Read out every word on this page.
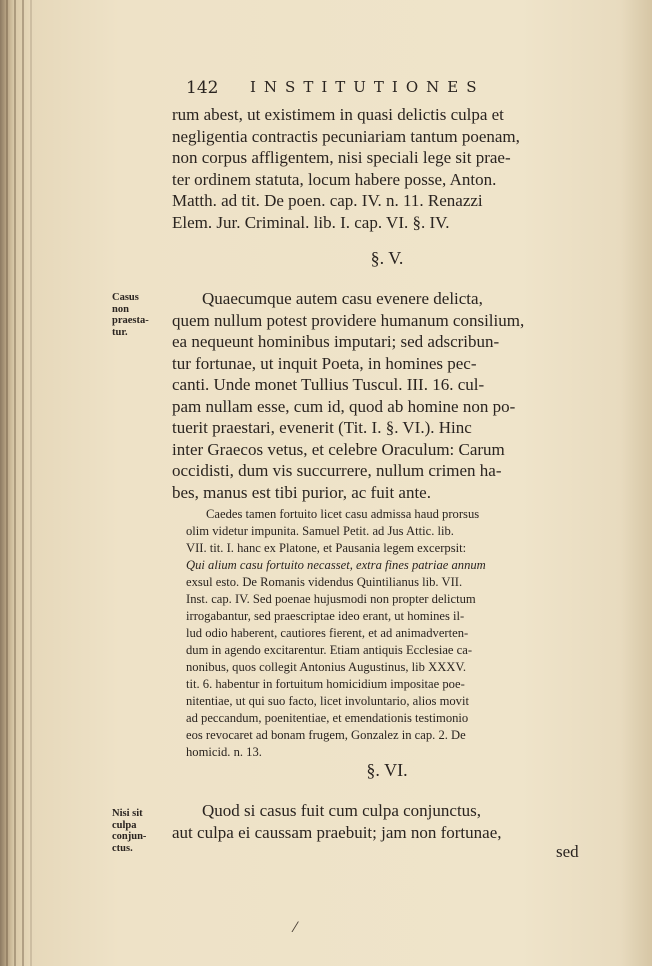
142 INSTITUTIONES
rum abest, ut existimem in quasi delictis culpa et
negligentia contractis pecuniariam tantum poenam,
non corpus affligentem, nisi speciali lege sit prae-
ter ordinem statuta, locum habere posse, Anton.
Matth. ad tit. De poen. cap. IV. n. 11. Renazzi
Elem. Jur. Criminal. lib. I. cap. VI. §. IV.
§. V.
Casus
non
praesta-
tur.
Quaecumque autem casu evenere delicta,
quem nullum potest providere humanum consilium,
ea nequeunt hominibus imputari; sed adscribun-
tur fortunae, ut inquit Poeta, in homines pec-
canti. Unde monet Tullius Tuscul. III. 16. cul-
pam nullam esse, cum id, quod ab homine non po-
tuerit praestari, evenerit (Tit. I. §. VI.). Hinc
inter Graecos vetus, et celebre Oraculum: Carum
occidisti, dum vis succurrere, nullum crimen ha-
bes, manus est tibi purior, ac fuit ante.
Caedes tamen fortuito licet casu admissa haud prorsus
olim videtur impunita. Samuel Petit. ad Jus Attic. lib.
VII. tit. I. hanc ex Platone, et Pausania legem excerpsit:
Qui alium casu fortuito necasset, extra fines patriae annum
exsul esto. De Romanis videndus Quintilianus lib. VII.
Inst. cap. IV. Sed poenae hujusmodi non propter delictum
irrogabantur, sed praescriptae ideo erant, ut homines il-
lud odio haberent, cautiores fierent, et ad animadverten-
dum in agendo excitarentur. Etiam antiquis Ecclesiae ca-
nonibus, quos collegit Antonius Augustinus, lib XXXV.
tit. 6. habentur in fortuitum homicidium impositae poe-
nitentiae, ut qui suo facto, licet involuntario, alios movit
ad peccandum, poenitentiae, et emendationis testimonio
eos revocaret ad bonam frugem, Gonzalez in cap. 2. De
homicid. n. 13.
§. VI.
Nisi sit
culpa
conjun-
ctus.
Quod si casus fuit cum culpa conjunctus,
aut culpa ei caussam praebuit; jam non fortunae,
sed
⁄
